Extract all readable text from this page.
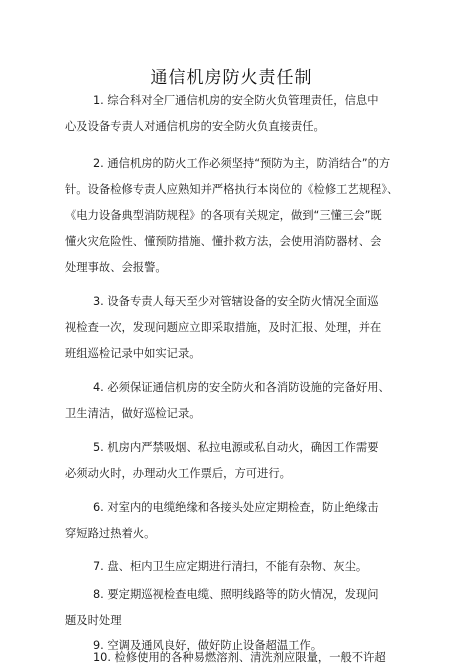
通信机房防火责任制
1. 综合科对全厂通信机房的安全防火负管理责任，信息中
心及设备专责人对通信机房的安全防火负直接责任。
2. 通信机房的防火工作必须坚持“预防为主，防消结合”的方
针。设备检修专责人应熟知并严格执行本岗位的《检修工艺规程》、
《电力设备典型消防规程》的各项有关规定，做到“三懂三会”既
懂火灾危险性、懂预防措施、懂扑救方法，会使用消防器材、会
处理事故、会报警。
3. 设备专责人每天至少对管辖设备的安全防火情况全面巡
视检查一次，发现问题应立即采取措施，及时汇报、处理，并在
班组巡检记录中如实记录。
4. 必须保证通信机房的安全防火和各消防设施的完备好用、
卫生清洁，做好巡检记录。
5. 机房内严禁吸烟、私拉电源或私自动火，确因工作需要
必须动火时，办理动火工作票后，方可进行。
6. 对室内的电缆绝缘和各接头处应定期检查，防止绝缘击
穿短路过热着火。
7. 盘、柜内卫生应定期进行清扫，不能有杂物、灰尘。
8. 要定期巡视检查电缆、照明线路等的防火情况，发现问
题及时处理
9. 空调及通风良好，做好防止设备超温工作。
10. 检修使用的各种易燃溶剂、清洗剂应限量，一般不许超
